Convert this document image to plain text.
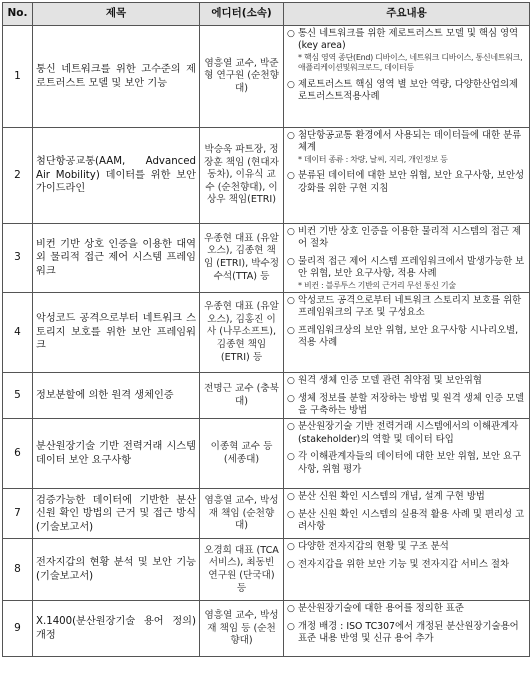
No.	제목	에디터(소속)	주요내용
1	통신 네트워크를 위한 고수준의 제로트러스트 모델 및 보안 기능	염흥열 교수, 박준형 연구원 (순천향대)	○ 통신 네트워크를 위한 제로트러스트 모델 및 핵심 영역(key area)
* 핵심 영역 종단(End) 디바이스, 네트워크 디바이스, 통신네트워크, 애플리케이션및워크로드, 데이터등
○ 제로트러스트 핵심 영역 별 보안 역량, 다양한산업의제로트러스트적용사례

2	첨단항공교통(AAM, Advanced Air Mobility) 데이터를 위한 보안 가이드라인	박승욱 파트장, 정장훈 책임 (현대자동차), 이유식 교수 (순천향대), 이상우 책임(ETRI)	○ 첨단항공교통 환경에서 사용되는 데이터들에 대한 분류 체계
* 데이터 종류 : 차량, 날씨, 지리, 개인정보 등
○ 분류된 데이터에 대한 보안 위협, 보안 요구사항, 보안성 강화를 위한 구현 지침

3	비컨 기반 상호 인증을 이용한 대역 외 물리적 접근 제어 시스템 프레임워크	우종현 대표 (유알오스), 김종현 책임 (ETRI), 박수정 수석(TTA) 등	○ 비컨 기반 상호 인증을 이용한 물리적 시스템의 접근 제어 절차
○ 물리적 접근 제어 시스템 프레임워크에서 발생가능한 보안 위협, 보안 요구사항, 적용 사례
* 비컨 : 블루투스 기반의 근거리 무선 통신 기술

4	악성코드 공격으로부터 네트워크 스토리지 보호를 위한 보안 프레임워크	우종현 대표 (유알오스), 김홍진 이사 (나무소프트), 김종현 책임(ETRI) 등	○ 악성코드 공격으로부터 네트워크 스토리지 보호를 위한 프레임워크의 구조 및 구성요소
○ 프레임워크상의 보안 위협, 보안 요구사항 시나리오별, 적용 사례

5	정보분할에 의한 원격 생체인증	전명근 교수 (충북대)	○ 원격 생체 인증 모델 관련 취약점 및 보안위협
○ 생체 정보를 분할 저장하는 방법 및 원격 생체 인증 모델을 구축하는 방법

6	분산원장기술 기반 전력거래 시스템 데이터 보안 요구사항	이종혁 교수 등 (세종대)	○ 분산원장기술 기반 전력거래 시스템에서의 이해관계자(stakeholder)의 역할 및 데이터 타입
○ 각 이해관계자들의 데이터에 대한 보안 위협, 보안 요구사항, 위협 평가

7	검증가능한 데이터에 기반한 분산 신원 확인 방법의 근거 및 접근 방식(기술보고서)	염흥열 교수, 박성재 책임 (순천향대)	○ 분산 신원 확인 시스템의 개념, 설계 구현 방법
○ 분산 신원 확인 시스템의 실용적 활용 사례 및 편리성 고려사항

8	전자지갑의 현황 분석 및 보안 기능(기술보고서)	오경희 대표 (TCA서비스), 최동빈 연구원 (단국대) 등	○ 다양한 전자지갑의 현황 및 구조 분석
○ 전자지갑을 위한 보안 기능 및 전자지갑 서비스 절차

9	X.1400(분산원장기술 용어 정의) 개정	염흥열 교수, 박성재 책임 등 (순천향대)	○ 분산원장기술에 대한 용어를 정의한 표준
○ 개정 배경 : ISO TC307에서 개정된 분산원장기술용어 표준 내용 반영 및 신규 용어 추가
